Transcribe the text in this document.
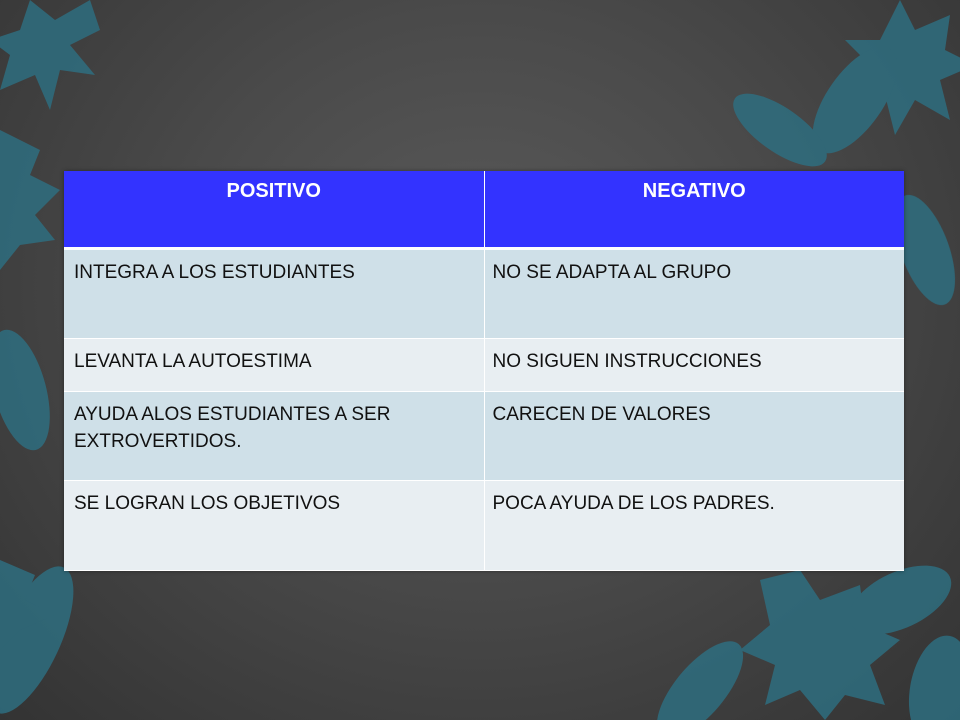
POSITIVO	NEGATIVO
INTEGRA A LOS ESTUDIANTES	NO SE ADAPTA AL GRUPO
LEVANTA LA AUTOESTIMA	NO SIGUEN INSTRUCCIONES
AYUDA ALOS ESTUDIANTES A SER EXTROVERTIDOS.	CARECEN DE VALORES
SE LOGRAN LOS OBJETIVOS	POCA AYUDA DE LOS PADRES.
